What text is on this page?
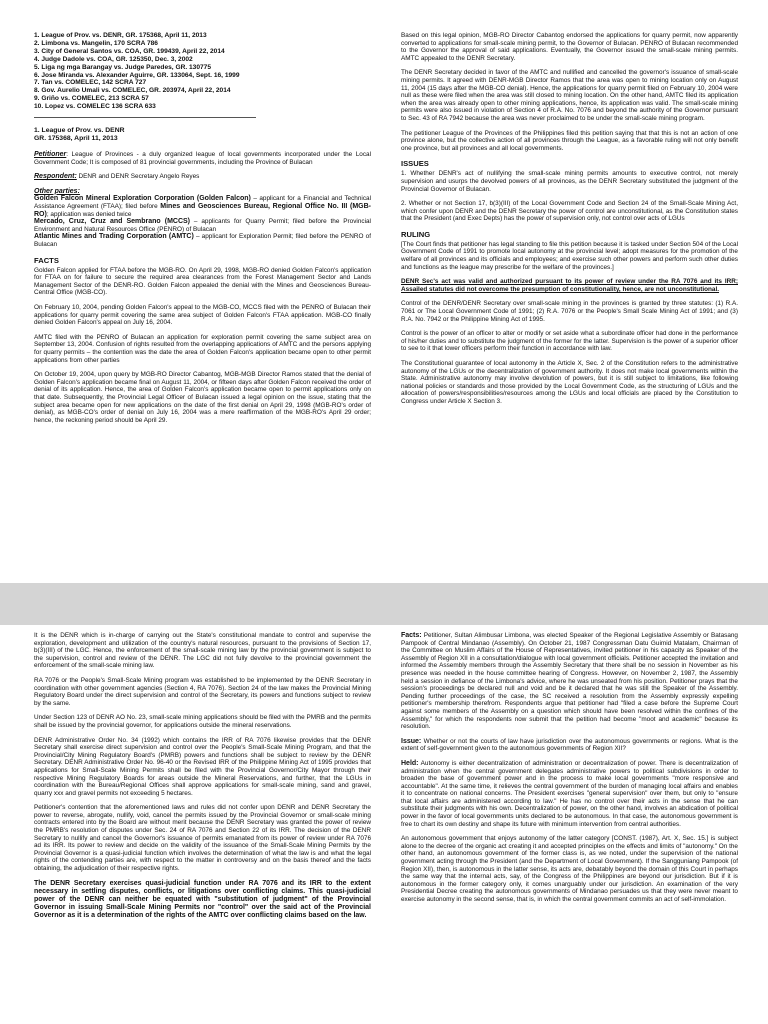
1. League of Prov. vs. DENR, GR. 175368, April 11, 2013
2. Limbona vs. Mangelin, 170 SCRA 786
3. City of General Santos vs. COA, GR. 199439, April 22, 2014
4. Judge Dadole vs. COA, GR. 125350, Dec. 3, 2002
5. Liga ng mga Barangay vs. Judge Paredes, GR. 130775
6. Jose Miranda vs. Alexander Aguirre, GR. 133064, Sept. 16, 1999
7. Tan vs. COMELEC, 142 SCRA 727
8. Gov. Aurelio Umali vs. COMELEC, GR. 203974, April 22, 2014
9. Griño vs. COMELEC, 213 SCRA 57
10. Lopez vs. COMELEC 136 SCRA 633
1. League of Prov. vs. DENR
GR. 175368, April 11, 2013

Petitioner: League of Provinces - a duly organized league of local governments incorporated under the Local Government Code; It is composed of 81 provincial governments, including the Province of Bulacan

Respondent: DENR and DENR Secretary Angelo Reyes

Other parties:
Golden Falcon Mineral Exploration Corporation (Golden Falcon) – applicant for a Financial and Technical Assistance Agreement (FTAA); filed before Mines and Geosciences Bureau, Regional Office No. III (MGB-RO); application was denied twice
Mercado, Cruz, Cruz and Sembrano (MCCS) – applicants for Quarry Permit; filed before the Provincial Environment and Natural Resources Office (PENRO) of Bulacan
Atlantic Mines and Trading Corporation (AMTC) – applicant for Exploration Permit; filed before the PENRO of Bulacan

FACTS

Golden Falcon applied for FTAA before the MGB-RO. On April 29, 1998, MGB-RO denied Golden Falcon's application for FTAA on for failure to secure the required area clearances from the Forest Management Sector and Lands Management Sector of the DENR-RO. Golden Falcon appealed the denial with the Mines and Geosciences Bureau-Central Office (MGB-CO).

On February 10, 2004, pending Golden Falcon's appeal to the MGB-CO, MCCS filed with the PENRO of Bulacan their applications for quarry permit covering the same area subject of Golden Falcon's FTAA application. MGB-CO finally denied Golden Falcon's appeal on July 16, 2004.

AMTC filed with the PENRO of Bulacan an application for exploration permit covering the same subject area on September 13, 2004. Confusion of rights resulted from the overlapping applications of AMTC and the persons applying for quarry permits – the contention was the date the area of Golden Falcon's application became open to other permit applications from other parties

On October 19, 2004, upon query by MGB-RO Director Cabantog, MGB-MGB Director Ramos stated that the denial of Golden Falcon's application became final on August 11, 2004, or fifteen days after Golden Falcon received the order of denial of its application. Hence, the area of Golden Falcon's application became open to permit applications only on that date. Subsequently, the Provincial Legal Officer of Bulacan issued a legal opinion on the issue, stating that the subject area became open for new applications on the date of the first denial on April 29, 1998 (MGB-RO's order of denial), as MGB-CO's order of denial on July 16, 2004 was a mere reaffirmation of the MGB-RO's April 29 order; hence, the reckoning period should be April 29.

Based on this legal opinion, MGB-RO Director Cabantog endorsed the applications for quarry permit, now apparently converted to applications for small-scale mining permit, to the Governor of Bulacan. PENRO of Bulacan recommended to the Governor the approval of said applications. Eventually, the Governor issued the small-scale mining permits. AMTC appealed to the DENR Secretary.

The DENR Secretary decided in favor of the AMTC and nullified and cancelled the governor's issuance of small-scale mining permits. It agreed with DENR-MGB Director Ramos that the area was open to mining location only on August 11, 2004 (15 days after the MGB-CO denial). Hence, the applications for quarry permit filed on February 10, 2004 were null as these were filed when the area was still closed to mining location. On the other hand, AMTC filed its application when the area was already open to other mining applications, hence, its application was valid. The small-scale mining permits were also issued in violation of Section 4 of R.A. No. 7076 and beyond the authority of the Governor pursuant to Sec. 43 of RA 7942 because the area was never proclaimed to be under the small-scale mining program.

The petitioner League of the Provinces of the Philippines filed this petition saying that that this is not an action of one province alone, but the collective action of all provinces through the League, as a favorable ruling will not only benefit one province, but all provinces and all local governments.

ISSUES

1. Whether DENR's act of nullifying the small-scale mining permits amounts to executive control, not merely supervision and usurps the devolved powers of all provinces, as the DENR Secretary substituted the judgment of the Provincial Governor of Bulacan.

2. Whether or not Section 17, b(3)(III) of the Local Government Code and Section 24 of the Small-Scale Mining Act, which confer upon DENR and the DENR Secretary the power of control are unconstitutional, as the Constitution states that the President (and Exec Depts) has the power of supervision only, not control over acts of LGUs

RULING

[The Court finds that petitioner has legal standing to file this petition because it is tasked under Section 504 of the Local Government Code of 1991 to promote local autonomy at the provincial level; adopt measures for the promotion of the welfare of all provinces and its officials and employees; and exercise such other powers and perform such other duties and functions as the league may prescribe for the welfare of the provinces.]

DENR Sec's act was valid and authorized pursuant to its power of review under the RA 7076 and its IRR; Assailed statutes did not overcome the presumption of constitutionality, hence, are not unconstitutional.

Control of the DENR/DENR Secretary over small-scale mining in the provinces is granted by three statutes: (1) R.A. 7061 or The Local Government Code of 1991; (2) R.A. 7076 or the People's Small Scale Mining Act of 1991; and (3) R.A. No. 7942 or the Philippine Mining Act of 1995.

Control is the power of an officer to alter or modify or set aside what a subordinate officer had done in the performance of his/her duties and to substitute the judgment of the former for the latter. Supervision is the power of a superior officer to see to it that lower officers perform their function in accordance with law.

The Constitutional guarantee of local autonomy in the Article X, Sec. 2 of the Constitution refers to the administrative autonomy of the LGUs or the decentralization of government authority. It does not make local governments within the State. Administrative autonomy may involve devolution of powers, but it is still subject to limitations, like following national policies or standards and those provided by the Local Government Code, as the structuring of LGUs and the allocation of powers/responsibilities/resources among the LGUs and local officials are placed by the Constitution to Congress under Article X Section 3.

It is the DENR which is in-charge of carrying out the State's constitutional mandate to control and supervise the exploration, development and utilization of the country's natural resources, pursuant to the provisions of Section 17, b(3)(III) of the LGC. Hence, the enforcement of the small-scale mining law by the provincial government is subject to the supervision, control and review of the DENR. The LGC did not fully devolve to the provincial government the enforcement of the small-scale mining law.

RA 7076 or the People's Small-Scale Mining program was established to be implemented by the DENR Secretary in coordination with other government agencies (Section 4, RA 7076). Section 24 of the law makes the Provincial Mining Regulatory Board under the direct supervision and control of the Secretary, its powers and functions subject to review by the same.

Under Section 123 of DENR AO No. 23, small-scale mining applications should be filed with the PMRB and the permits shall be issued by the provincial governor, for applications outside the mineral reservations.

DENR Administrative Order No. 34 (1992) which contains the IRR of RA 7076 likewise provides that the DENR Secretary shall exercise direct supervision and control over the People's Small-Scale Mining Program, and that the Provincial/City Mining Regulatory Board's (PMRB) powers and functions shall be subject to review by the DENR Secretary. DENR Administrative Order No. 96-40 or the Revised IRR of the Philippine Mining Act of 1995 provides that applications for Small-Scale Mining Permits shall be filed with the Provincial Governor/City Mayor through their respective Mining Regulatory Boards for areas outside the Mineral Reservations, and further, that the LGUs in coordination with the Bureau/Regional Offices shall approve applications for small-scale mining, sand and gravel, quarry xxx and gravel permits not exceeding 5 hectares.

Petitioner's contention that the aforementioned laws and rules did not confer upon DENR and DENR Secretary the power to reverse, abrogate, nullify, void, cancel the permits issued by the Provincial Governor or small-scale mining contracts entered into by the Board are without merit because the DENR Secretary was granted the power of review the PMRB's resolution of disputes under Sec. 24 of RA 7076 and Section 22 of its IRR. The decision of the DENR Secretary to nullify and cancel the Governor's issuance of permits emanated from its power of review under RA 7076 ad its IRR. Its power to review and decide on the validity of the issuance of the Small-Scale Mining Permits by the Provincial Governor is a quasi-judicial function which involves the determination of what the law is and what the legal rights of the contending parties are, with respect to the matter in controversy and on the basis thereof and the facts obtaining, the adjudication of their respective rights.

The DENR Secretary exercises quasi-judicial function under RA 7076 and its IRR to the extent necessary in settling disputes, conflicts, or litigations over conflicting claims. This quasi-judicial power of the DENR can neither be equated with "substitution of judgment" of the Provincial Governor in issuing Small-Scale Mining Permits nor "control" over the said act of the Provincial Governor as it is a determination of the rights of the AMTC over conflicting claims based on the law.

Facts: Petitioner, Sultan Alimbusar Limbona, was elected Speaker of the Regional Legislative Assembly or Batasang Pampook of Central Mindanao (Assembly). On October 21, 1987 Congressman Datu Guimid Matalam, Chairman of the Committee on Muslim Affairs of the House of Representatives, invited petitioner in his capacity as Speaker of the Assembly of Region XII in a consultation/dialogue with local government officials. Petitioner accepted the invitation and informed the Assembly members through the Assembly Secretary that there shall be no session in November as his presence was needed in the house committee hearing of Congress. However, on November 2, 1987, the Assembly held a session in defiance of the Limbona's advice, where he was unseated from his position. Petitioner prays that the session's proceedings be declared null and void and be it declared that he was still the Speaker of the Assembly. Pending further proceedings of the case, the SC received a resolution from the Assembly expressly expelling petitioner's membership therefrom. Respondents argue that petitioner had "filed a case before the Supreme Court against some members of the Assembly on a question which should have been resolved within the confines of the Assembly," for which the respondents now submit that the petition had become "moot and academic" because its resolution.

Issue: Whether or not the courts of law have jurisdiction over the autonomous governments or regions. What is the extent of self-government given to the autonomous governments of Region XII?

Held: Autonomy is either decentralization of administration or decentralization of power. There is decentralization of administration when the central government delegates administrative powers to political subdivisions in order to broaden the base of government power and in the process to make local governments "more responsive and accountable". At the same time, it relieves the central government of the burden of managing local affairs and enables it to concentrate on national concerns. The President exercises "general supervision" over them, but only to "ensure that local affairs are administered according to law." He has no control over their acts in the sense that he can substitute their judgments with his own. Decentralization of power, on the other hand, involves an abdication of political power in the favor of local governments units declared to be autonomous. In that case, the autonomous government is free to chart its own destiny and shape its future with minimum intervention from central authorities.

An autonomous government that enjoys autonomy of the latter category [CONST. (1987), Art. X, Sec. 15.] is subject alone to the decree of the organic act creating it and accepted principles on the effects and limits of "autonomy." On the other hand, an autonomous government of the former class is, as we noted, under the supervision of the national government acting through the President (and the Department of Local Government). If the Sangguniang Pampook (of Region XII), then, is autonomous in the latter sense, its acts are, debatably beyond the domain of this Court in perhaps the same way that the internal acts, say, of the Congress of the Philippines are beyond our jurisdiction. But if it is autonomous in the former category only, it comes unarguably under our jurisdiction. An examination of the very Presidential Decree creating the autonomous governments of Mindanao persuades us that they were never meant to exercise autonomy in the second sense, that is, in which the central government commits an act of self-immolation.
